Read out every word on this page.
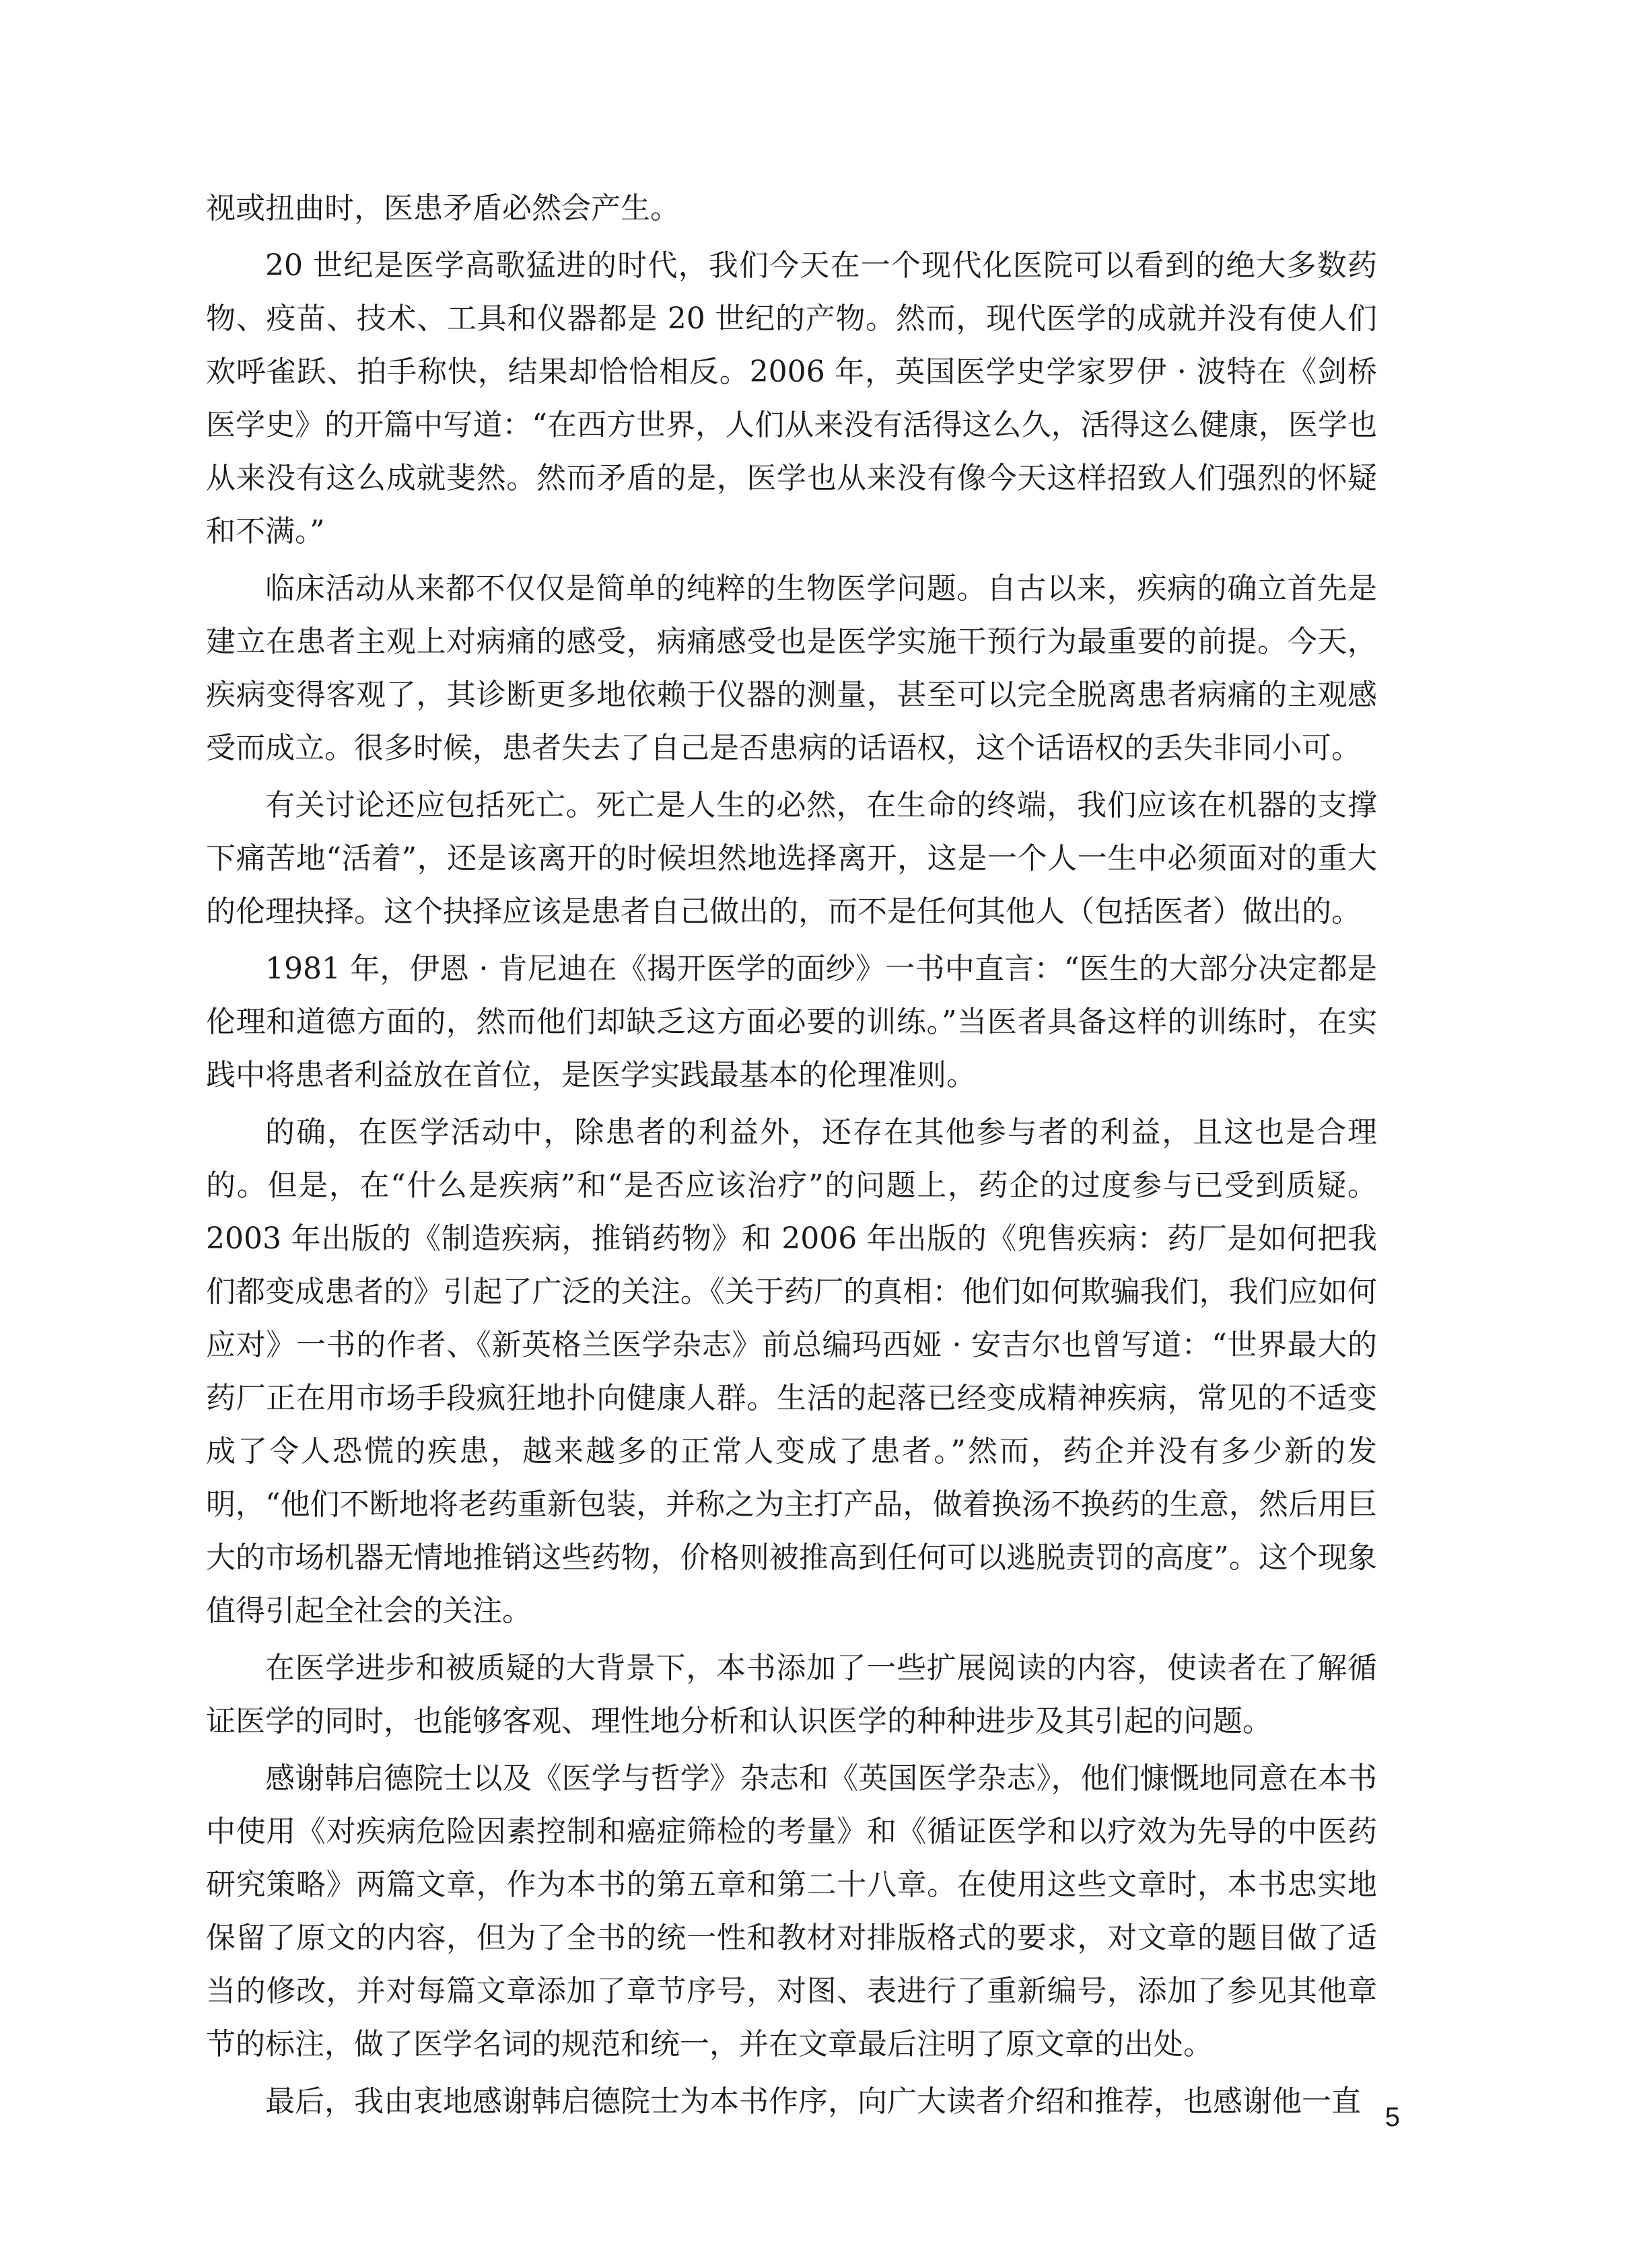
视或扭曲时，医患矛盾必然会产生。

20 世纪是医学高歌猛进的时代，我们今天在一个现代化医院可以看到的绝大多数药物、疫苗、技术、工具和仪器都是 20 世纪的产物。然而，现代医学的成就并没有使人们欢呼雀跃、拍手称快，结果却恰恰相反。2006 年，英国医学史学家罗伊 · 波特在《剑桥医学史》的开篇中写道：“在西方世界，人们从来没有活得这么久，活得这么健康，医学也从来没有这么成就斐然。然而矛盾的是，医学也从来没有像今天这样招致人们强烈的怀疑和不满。”

临床活动从来都不仅仅是简单的纯粹的生物医学问题。自古以来，疾病的确立首先是建立在患者主观上对病痛的感受，病痛感受也是医学实施干预行为最重要的前提。今天，疾病变得客观了，其诊断更多地依赖于仪器的测量，甚至可以完全脱离患者病痛的主观感受而成立。很多时候，患者失去了自己是否患病的话语权，这个话语权的丢失非同小可。

有关讨论还应包括死亡。死亡是人生的必然，在生命的终端，我们应该在机器的支撑下痛苦地“活着”，还是该离开的时候坦然地选择离开，这是一个人一生中必须面对的重大的伦理抉择。这个抉择应该是患者自己做出的，而不是任何其他人（包括医者）做出的。

1981 年，伊恩 · 肯尼迪在《揭开医学的面纱》一书中直言：“医生的大部分决定都是伦理和道德方面的，然而他们却缺乏这方面必要的训练。”当医者具备这样的训练时，在实践中将患者利益放在首位，是医学实践最基本的伦理准则。

的确，在医学活动中，除患者的利益外，还存在其他参与者的利益，且这也是合理的。但是，在“什么是疾病”和“是否应该治疗”的问题上，药企的过度参与已受到质疑。2003 年出版的《制造疾病，推销药物》和 2006 年出版的《兜售疾病：药厂是如何把我们都变成患者的》引起了广泛的关注。《关于药厂的真相：他们如何欺骗我们，我们应如何应对》一书的作者、《新英格兰医学杂志》前总编玛西娅 · 安吉尔也曾写道：“世界最大的药厂正在用市场手段疯狂地扑向健康人群。生活的起落已经变成精神疾病，常见的不适变成了令人恐慌的疾患，越来越多的正常人变成了患者。”然而，药企并没有多少新的发明，“他们不断地将老药重新包装，并称之为主打产品，做着换汤不换药的生意，然后用巨大的市场机器无情地推销这些药物，价格则被推高到任何可以逃脱责罚的高度”。这个现象值得引起全社会的关注。

在医学进步和被质疑的大背景下，本书添加了一些扩展阅读的内容，使读者在了解循证医学的同时，也能够客观、理性地分析和认识医学的种种进步及其引起的问题。

感谢韩启德院士以及《医学与哲学》杂志和《英国医学杂志》，他们慷慨地同意在本书中使用《对疾病危险因素控制和癌症筛检的考量》和《循证医学和以疗效为先导的中医药研究策略》两篇文章，作为本书的第五章和第二十八章。在使用这些文章时，本书忠实地保留了原文的内容，但为了全书的统一性和教材对排版格式的要求，对文章的题目做了适当的修改，并对每篇文章添加了章节序号，对图、表进行了重新编号，添加了参见其他章节的标注，做了医学名词的规范和统一，并在文章最后注明了原文章的出处。

最后，我由衷地感谢韩启德院士为本书作序，向广大读者介绍和推荐，也感谢他一直 5
